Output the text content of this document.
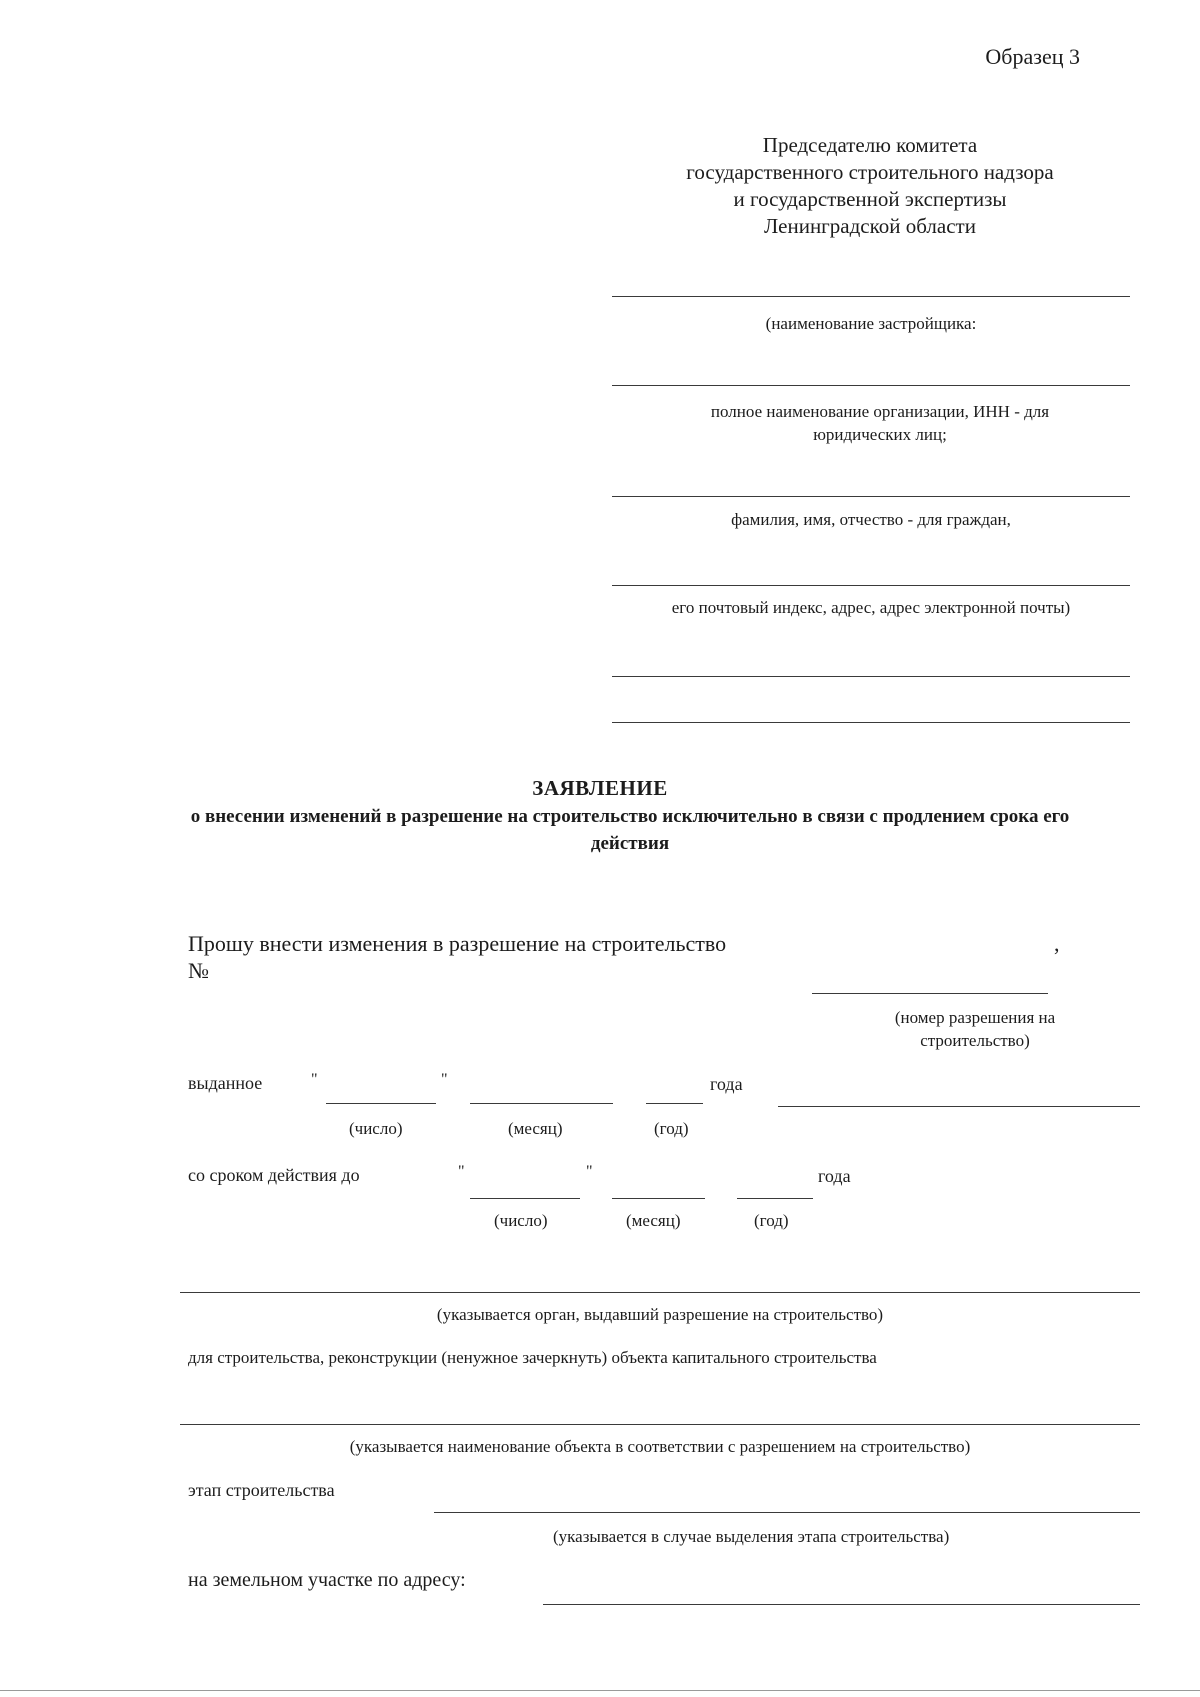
Образец 3
Председателю комитета
государственного строительного надзора
и государственной экспертизы
Ленинградской области
(наименование застройщика:
полное наименование организации, ИНН - для юридических лиц;
фамилия, имя, отчество - для граждан,
его почтовый индекс, адрес, адрес электронной почты)
ЗАЯВЛЕНИЕ
о внесении изменений в разрешение на строительство исключительно в связи с продлением срока его действия
Прошу внести изменения в разрешение на строительство	,
№
(номер разрешения на строительство)
выданное	"	"	года
(число)	(месяц)	(год)
со сроком действия до	"	"	года
(число)	(месяц)	(год)
(указывается орган, выдавший разрешение на строительство)
для строительства, реконструкции (ненужное зачеркнуть) объекта капитального строительства
(указывается наименование объекта в соответствии с разрешением на строительство)
этап строительства
(указывается в случае выделения этапа строительства)
на земельном участке по адресу:
